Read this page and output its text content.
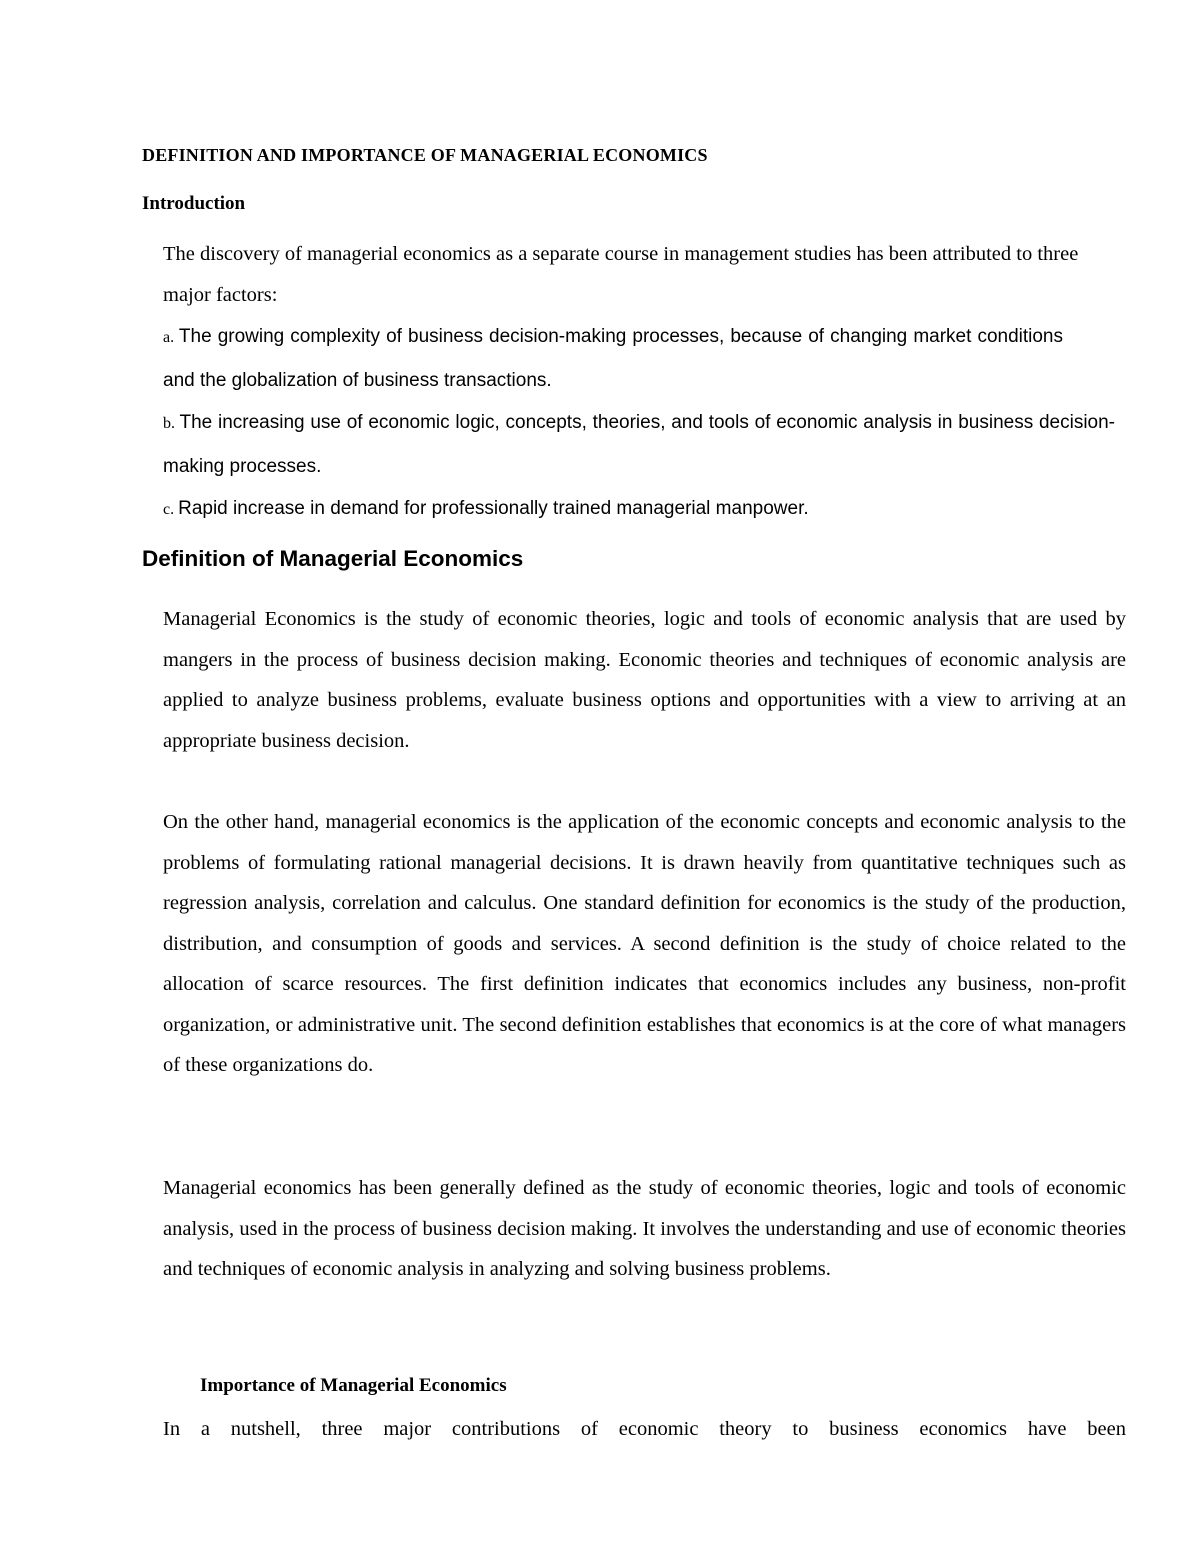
DEFINITION AND IMPORTANCE OF MANAGERIAL ECONOMICS
Introduction

The discovery of managerial economics as a separate course in management studies has been attributed to three major factors:

a. The growing complexity of business decision-making processes, because of changing market conditions and the globalization of business transactions.
b. The increasing use of economic logic, concepts, theories, and tools of economic analysis in business decision-making processes.
c. Rapid increase in demand for professionally trained managerial manpower.
Definition of Managerial Economics

Managerial Economics is the study of economic theories, logic and tools of economic analysis that are used by mangers in the process of business decision making. Economic theories and techniques of economic analysis are applied to analyze business problems, evaluate business options and opportunities with a view to arriving at an appropriate business decision.

On the other hand, managerial economics is the application of the economic concepts and economic analysis to the problems of formulating rational managerial decisions. It is drawn heavily from quantitative techniques such as regression analysis, correlation and calculus. One standard definition for economics is the study of the production, distribution, and consumption of goods and services. A second definition is the study of choice related to the allocation of scarce resources. The first definition indicates that economics includes any business, non-profit organization, or administrative unit. The second definition establishes that economics is at the core of what managers of these organizations do.

Managerial economics has been generally defined as the study of economic theories, logic and tools of economic analysis, used in the process of business decision making. It involves the understanding and use of economic theories and techniques of economic analysis in analyzing and solving business problems.

Importance of Managerial Economics

In a nutshell, three major contributions of economic theory to business economics have been
